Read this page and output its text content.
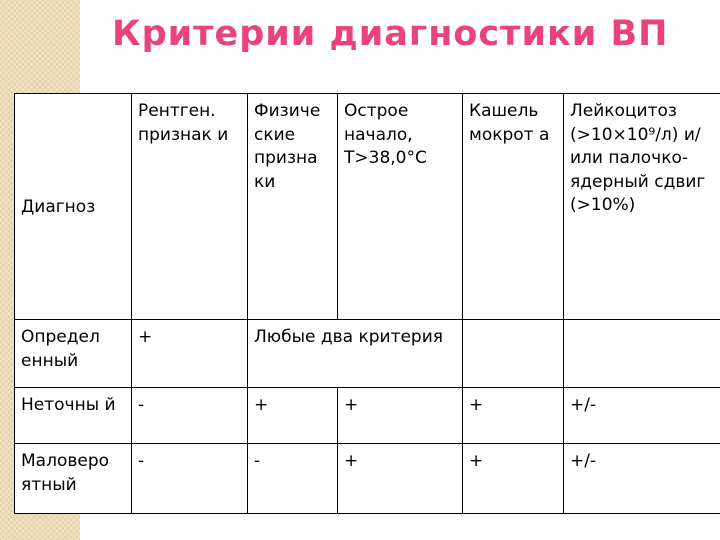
Критерии диагностики ВП
Диагноз	Рентген. признак и	Физиче ские призна ки	Острое начало, Т>38,0°С	Кашель мокрот а	Лейкоцитоз (>10×10⁹/л) и/или палочко-ядерный сдвиг (>10%)
Определ енный	+	Любые два критерия			
Неточны й	-	+	+	+	+/-
Маловеро ятный	-	-	+	+	+/-
